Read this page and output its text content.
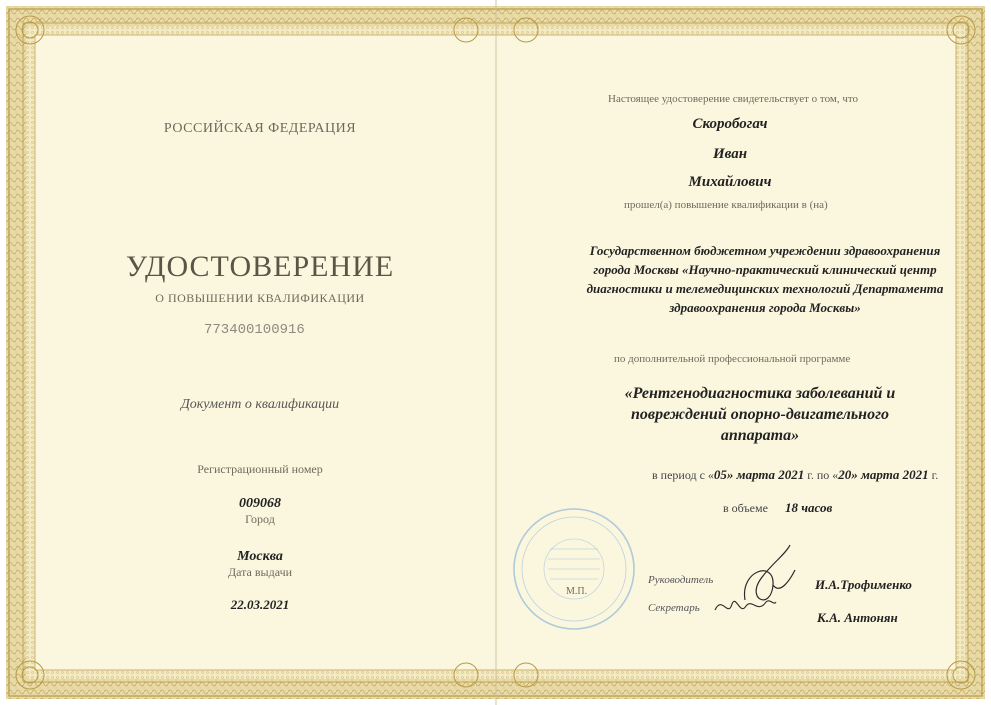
РОССИЙСКАЯ ФЕДЕРАЦИЯ
УДОСТОВЕРЕНИЕ
О ПОВЫШЕНИИ КВАЛИФИКАЦИИ
773400100916
Документ о квалификации
Регистрационный номер
009068
Город
Москва
Дата выдачи
22.03.2021
Настоящее удостоверение свидетельствует о том, что
Скоробогач
Иван
Михайлович
прошел(а) повышение квалификации в (на)
Государственном бюджетном учреждении здравоохранения
города Москвы «Научно-практический клинический центр
диагностики и телемедицинских технологий Департамента
здравоохранения города Москвы»
по дополнительной профессиональной программе
«Рентгенодиагностика заболеваний и
повреждений опорно-двигательного
аппарата»
в период с «05» марта 2021 г. по «20» марта 2021 г.
в объеме 18 часов
М.П.
Руководитель
Секретарь
И.А.Трофименко
К.А. Антонян
